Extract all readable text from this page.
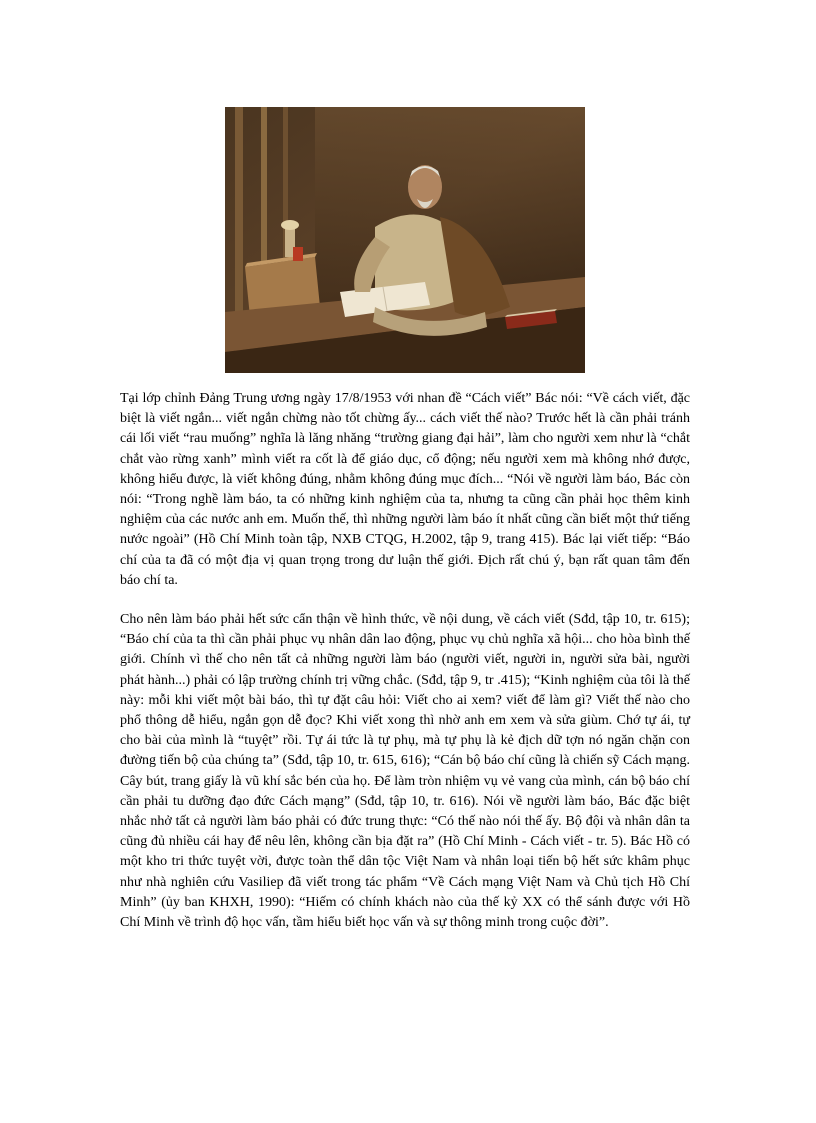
Tại lớp chỉnh Đảng Trung ương ngày 17/8/1953 với nhan đề “Cách viết” Bác nói: “Về cách viết, đặc biệt là viết ngắn... viết ngắn chừng nào tốt chừng ấy... cách viết thế nào? Trước hết là cần phải tránh cái lối viết “rau muống” nghĩa là lăng nhăng “trường giang đại hải”, làm cho người xem như là “chắt chắt vào rừng xanh” mình viết ra cốt là để giáo dục, cổ động; nếu người xem mà không nhớ được, không hiểu được, là viết không đúng, nhằm không đúng mục đích... “Nói về người làm báo, Bác còn nói: “Trong nghề làm báo, ta có những kinh nghiệm của ta, nhưng ta cũng cần phải học thêm kinh nghiệm của các nước anh em. Muốn thế, thì những người làm báo ít nhất cũng cần biết một thứ tiếng nước ngoài” (Hồ Chí Minh toàn tập, NXB CTQG, H.2002, tập 9, trang 415). Bác lại viết tiếp: “Báo chí của ta đã có một địa vị quan trọng trong dư luận thế giới. Địch rất chú ý, bạn rất quan tâm đến báo chí ta.

Cho nên làm báo phải hết sức cẩn thận về hình thức, về nội dung, về cách viết (Sđd, tập 10, tr. 615); “Báo chí của ta thì cần phải phục vụ nhân dân lao động, phục vụ chủ nghĩa xã hội... cho hòa bình thế giới. Chính vì thế cho nên tất cả những người làm báo (người viết, người in, người sửa bài, người phát hành...) phải có lập trường chính trị vững chắc. (Sđd, tập 9, tr .415); “Kinh nghiệm của tôi là thế này: mỗi khi viết một bài báo, thì tự đặt câu hỏi: Viết cho ai xem? viết để làm gì? Viết thế nào cho phổ thông dễ hiểu, ngắn gọn dễ đọc? Khi viết xong thì nhờ anh em xem và sửa giùm. Chớ tự ái, tự cho bài của mình là “tuyệt” rồi. Tự ái tức là tự phụ, mà tự phụ là kẻ địch dữ tợn nó ngăn chặn con đường tiến bộ của chúng ta” (Sđd, tập 10, tr. 615, 616); “Cán bộ báo chí cũng là chiến sỹ Cách mạng. Cây bút, trang giấy là vũ khí sắc bén của họ. Để làm tròn nhiệm vụ vẻ vang của mình, cán bộ báo chí cần phải tu dưỡng đạo đức Cách mạng” (Sđd, tập 10, tr. 616). Nói về người làm báo, Bác đặc biệt nhắc nhở tất cả người làm báo phải có đức trung thực: “Có thế nào nói thế ấy. Bộ đội và nhân dân ta cũng đủ nhiều cái hay để nêu lên, không cần bịa đặt ra” (Hồ Chí Minh - Cách viết - tr. 5). Bác Hồ có một kho tri thức tuyệt vời, được toàn thể dân tộc Việt Nam và nhân loại tiến bộ hết sức khâm phục như nhà nghiên cứu Vasiliep đã viết trong tác phẩm “Về Cách mạng Việt Nam và Chủ tịch Hồ Chí Minh” (ủy ban KHXH, 1990): “Hiếm có chính khách nào của thế kỷ XX có thể sánh được với Hồ Chí Minh về trình độ học vấn, tầm hiểu biết học vấn và sự thông minh trong cuộc đời”.
